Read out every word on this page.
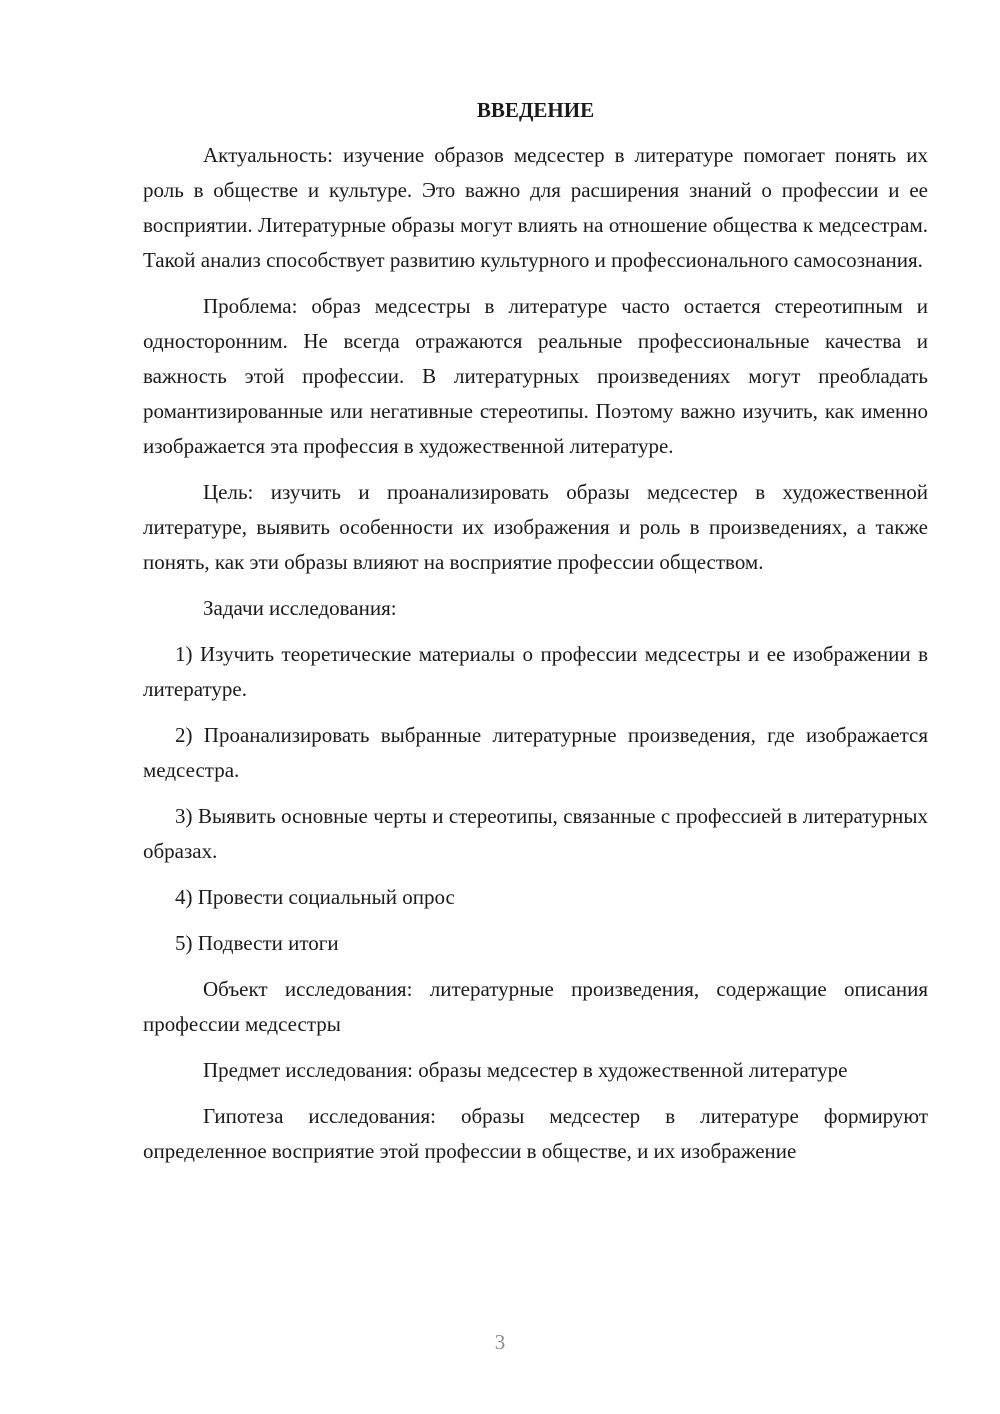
ВВЕДЕНИЕ

Актуальность: изучение образов медсестер в литературе помогает понять их роль в обществе и культуре. Это важно для расширения знаний о профессии и ее восприятии. Литературные образы могут влиять на отношение общества к медсестрам. Такой анализ способствует развитию культурного и профессионального самосознания.

Проблема: образ медсестры в литературе часто остается стереотипным и односторонним. Не всегда отражаются реальные профессиональные качества и важность этой профессии. В литературных произведениях могут преобладать романтизированные или негативные стереотипы. Поэтому важно изучить, как именно изображается эта профессия в художественной литературе.

Цель: изучить и проанализировать образы медсестер в художественной литературе, выявить особенности их изображения и роль в произведениях, а также понять, как эти образы влияют на восприятие профессии обществом.

Задачи исследования:

1) Изучить теоретические материалы о профессии медсестры и ее изображении в литературе.

2) Проанализировать выбранные литературные произведения, где изображается медсестра.

3) Выявить основные черты и стереотипы, связанные с профессией в литературных образах.

4) Провести социальный опрос

5) Подвести итоги

Объект исследования: литературные произведения, содержащие описания профессии медсестры

Предмет исследования: образы медсестер в художественной литературе

Гипотеза исследования: образы медсестер в литературе формируют определенное восприятие этой профессии в обществе, и их изображение

3
